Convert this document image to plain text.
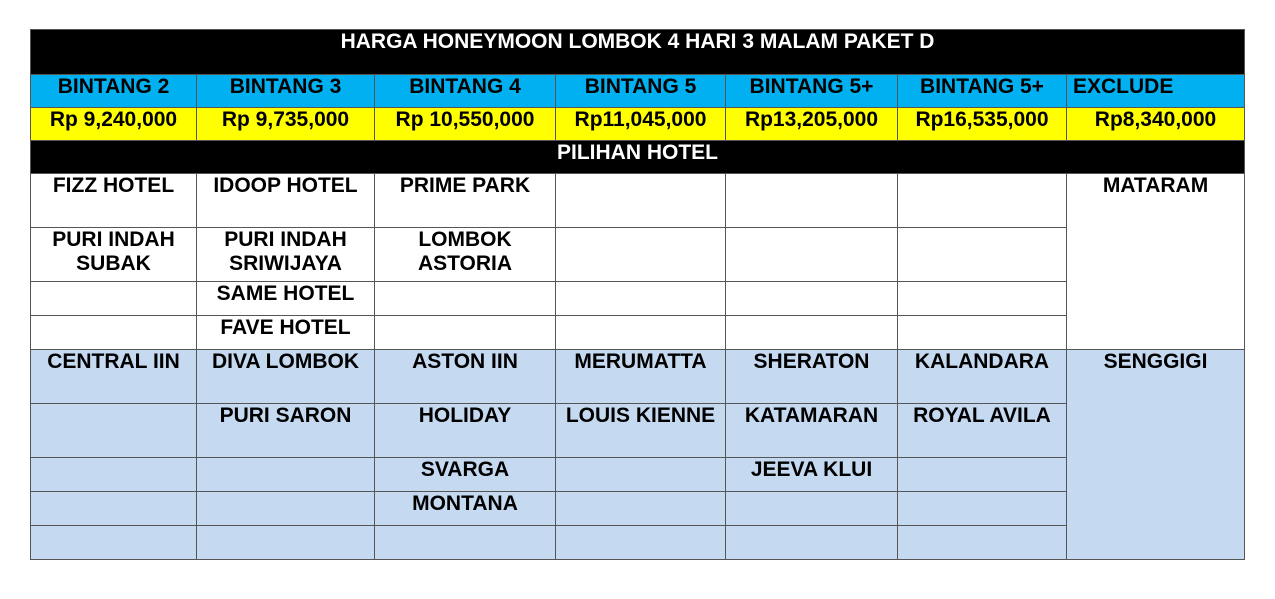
HARGA HONEYMOON LOMBOK 4 HARI 3 MALAM PAKET D						
BINTANG 2	BINTANG 3	BINTANG 4	BINTANG 5	BINTANG 5+	BINTANG 5+	EXCLUDE
Rp 9,240,000	Rp 9,735,000	Rp 10,550,000	Rp11,045,000	Rp13,205,000	Rp16,535,000	Rp8,340,000
PILIHAN HOTEL						
FIZZ HOTEL	IDOOP HOTEL	PRIME PARK				MATARAM
PURI INDAH SUBAK	PURI INDAH SRIWIJAYA	LOMBOK ASTORIA				
	SAME HOTEL					
	FAVE HOTEL					
CENTRAL IIN	DIVA LOMBOK	ASTON IIN	MERUMATTA	SHERATON	KALANDARA	SENGGIGI
	PURI SARON	HOLIDAY	LOUIS KIENNE	KATAMARAN	ROYAL AVILA	
		SVARGA		JEEVA KLUI		
		MONTANA				
